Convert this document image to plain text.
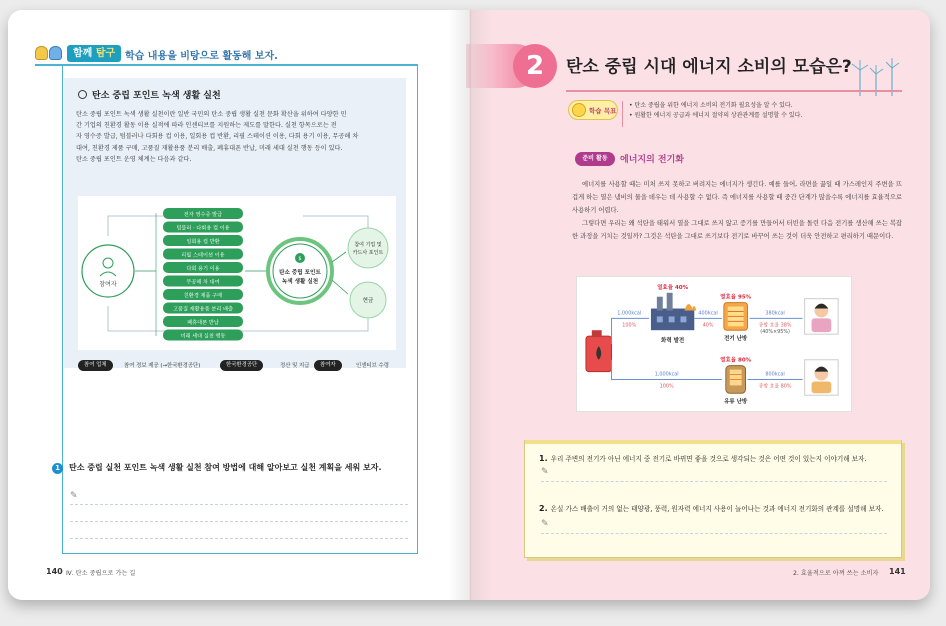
함께 탐구 학습 내용을 비탕으로 활동해 보자.
탄소 중립 포인트 녹색 생활 실천
탄소 중립 포인트 녹색 생활 실천이란 일반 국민의 탄소 중립 생활 실천 문화 확산을 위하여 다양한 민
간 기업의 친환경 활동 이용 실적에 따라 인센티브를 지원하는 제도를 말한다. 실천 항목으로는 전
자 영수증 발급, 텀블러나 다회용 컵 이용, 일회용 컵 반환, 리필 스테이션 이용, 다회 용기 이용, 무공해 차
대여, 친환경 제품 구매, 고품질 재활용품 분리 배출, 폐휴대폰 반납, 미래 세대 실천 행동 등이 있다.
탄소 중립 포인트 운영 체계는 다음과 같다.
참여자
전자 영수증 발급
텀블러 · 다회용 컵 이용
일회용 컵 반환
리필 스테이션 이용
다회 용기 이용
무공해 차 대여
친환경 제품 구매
고품질 재활용품 분리 배출
폐휴대폰 반납
미래 세대 실천 행동
$
탄소 중립 포인트
녹색 생활 실천
참여 기업 및
카드사 포인트
현금
참여 업체	참여 정보 제공 (→한국환경공단)	한국환경공단	정산 및 지급	참여자	인센티브 수령
1 탄소 중립 실천 포인트 녹색 생활 실천 참여 방법에 대해 알아보고 실천 계획을 세워 보자.
✎
140 Ⅳ. 탄소 중립으로 가는 길
2	탄소 중립 시대 에너지 소비의 모습은?
학습 목표
• 탄소 중립을 위한 에너지 소비의 전기화 필요성을 알 수 있다.
• 원활한 에너지 공급과 에너지 절약의 상관관계를 설명할 수 있다.
준비 활동	에너지의 전기화

에너지를 사용할 때는 미처 쓰지 못하고 버려지는 에너지가 생긴다. 예를 들어, 라면을 끓일 때 가스레인지 주변을 뜨겁게 하는 열은 냄비의 물을 데우는 데 사용할 수 없다. 즉 에너지를 사용할 때 중간 단계가 많을수록 에너지를 효율적으로 사용하기 어렵다.

그렇다면 우리는 왜 석탄을 태워서 열을 그대로 쓰지 않고 증기를 만들어서 터빈을 돌린 다음 전기를 생산해 쓰는 복잡한 과정을 거치는 것일까? 그것은 석탄을 그대로 쓰기보다 전기로 바꾸어 쓰는 것이 더욱 안전하고 편리하기 때문이다.

1,000kcal
100%
열효율 40%
화력 발전
400kcal
40%
열효율 95%
전기 난방
380kcal
종합 효율 38%
(40%×95%)
1,000kcal
100%
열효율 80%
유류 난방
800kcal
종합 효율 80%
1. 우리 주변의 전기가 아닌 에너지 중 전기로 바뀌면 좋을 것으로 생각되는 것은 어떤 것이 있는지 이야기해 보자.
✎
2. 온실 가스 배출이 거의 없는 태양광, 풍력, 원자력 에너지 사용이 늘어나는 것과 에너지 전기화의 관계를 설명해 보자.
✎
2. 효율적으로 아껴 쓰는 소비자 141
